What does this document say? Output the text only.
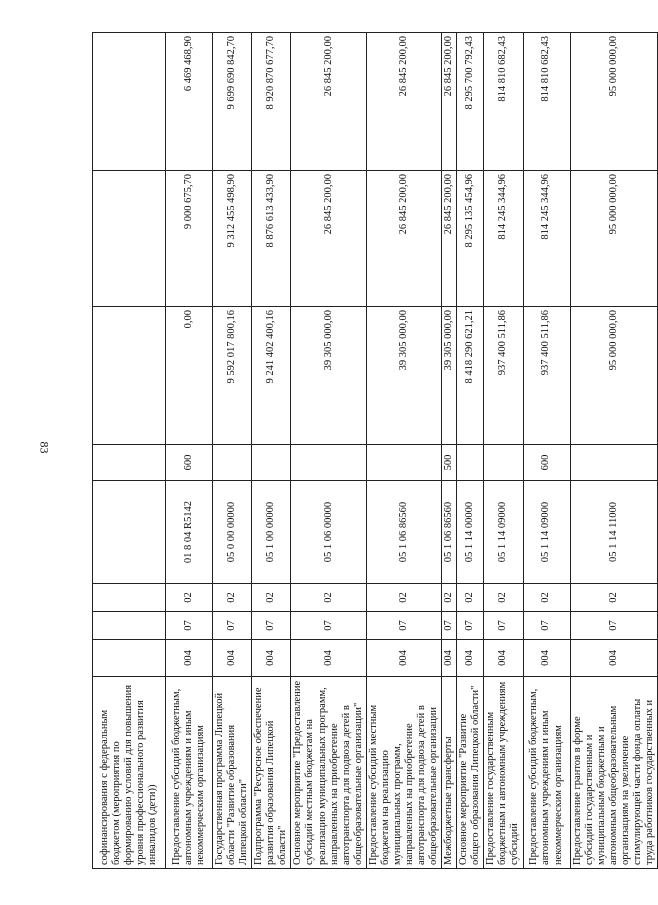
83
софинансирования с федеральным бюджетом (мероприятия по формированию условий для повышения уровня профессионального развития инвалидов (дети))								
Предоставление субсидий бюджетным, автономным учреждениям и иным некоммерческим организациям	004	07	02	01 8 04 R5142	600	0,00	9 000 675,70	6 469 468,90
Государственная программа Липецкой области "Развитие образования Липецкой области"	004	07	02	05 0 00 00000		9 592 017 800,16	9 312 455 498,90	9 699 690 842,70
Подпрограмма "Ресурсное обеспечение развития образования Липецкой области"	004	07	02	05 1 00 00000		9 241 402 400,16	8 876 613 433,90	8 920 870 677,70
Основное мероприятие "Предоставление субсидий местным бюджетам на реализацию муниципальных программ, направленных на приобретение автотранспорта для подвоза детей в общеобразовательные организации"	004	07	02	05 1 06 00000		39 305 000,00	26 845 200,00	26 845 200,00
Предоставление субсидий местным бюджетам на реализацию муниципальных программ, направленных на приобретение автотранспорта для подвоза детей в общеобразовательные организации	004	07	02	05 1 06 86560		39 305 000,00	26 845 200,00	26 845 200,00
Межбюджетные трансферты	004	07	02	05 1 06 86560	500	39 305 000,00	26 845 200,00	26 845 200,00
Основное мероприятие "Развитие общего образования Липецкой области"	004	07	02	05 1 14 00000		8 418 290 621,21	8 295 135 454,96	8 295 700 792,43
Предоставление государственным бюджетным и автономным учреждениям субсидий	004	07	02	05 1 14 09000		937 400 511,86	814 245 344,96	814 810 682,43
Предоставление субсидий бюджетным, автономным учреждениям и иным некоммерческим организациям	004	07	02	05 1 14 09000	600	937 400 511,86	814 245 344,96	814 810 682,43
Предоставление грантов в форме субсидий государственным и муниципальным бюджетным и автономным общеобразовательным организациям на увеличение стимулирующей части фонда оплаты труда работников государственных и	004	07	02	05 1 14 11000		95 000 000,00	95 000 000,00	95 000 000,00
